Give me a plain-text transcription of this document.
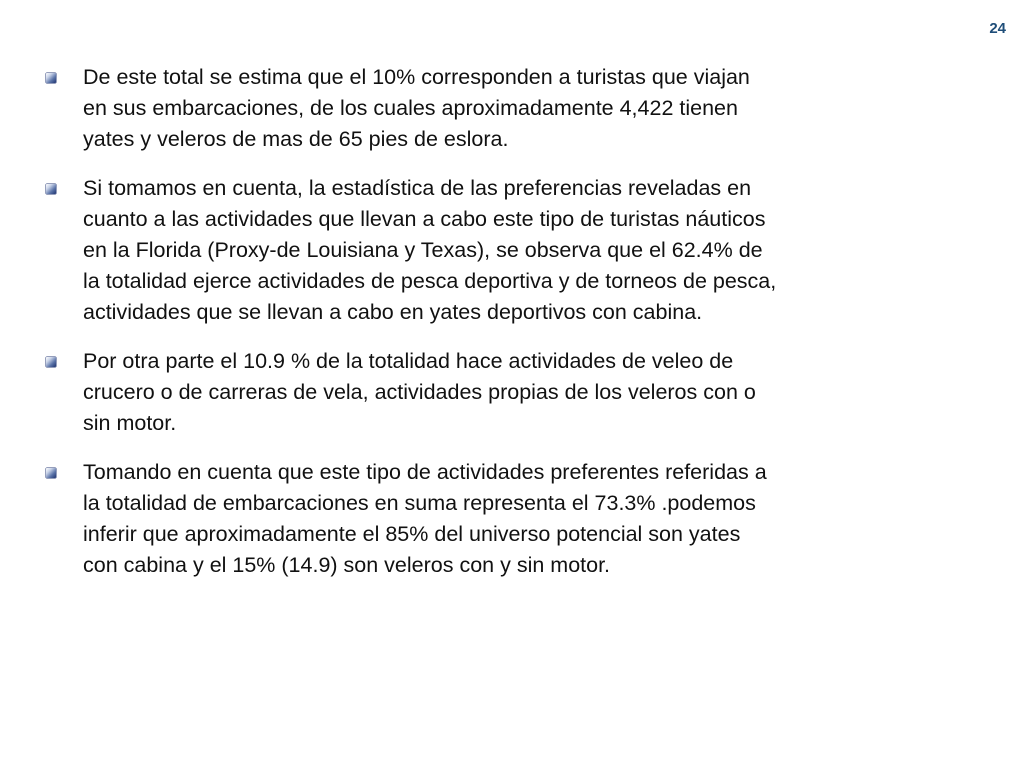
24
De este total se estima que el 10% corresponden a turistas que viajan
en sus embarcaciones, de los cuales aproximadamente 4,422 tienen
yates y veleros de mas de 65 pies de eslora.
Si tomamos en cuenta, la estadística de las preferencias reveladas en
cuanto a las actividades que llevan a cabo este tipo de turistas náuticos
en la Florida (Proxy-de Louisiana y Texas), se observa que el 62.4% de
la totalidad ejerce actividades de pesca deportiva y de torneos de pesca,
actividades que se llevan a cabo en yates deportivos con cabina.
Por otra parte el 10.9 % de la totalidad hace actividades de veleo de
crucero o de carreras de vela, actividades propias de los veleros con o
sin motor.
Tomando en cuenta que este tipo de actividades preferentes referidas a
la totalidad de embarcaciones en suma representa el 73.3% .podemos
inferir que aproximadamente el 85% del universo potencial son yates
con cabina y el 15% (14.9) son veleros con y sin motor.
